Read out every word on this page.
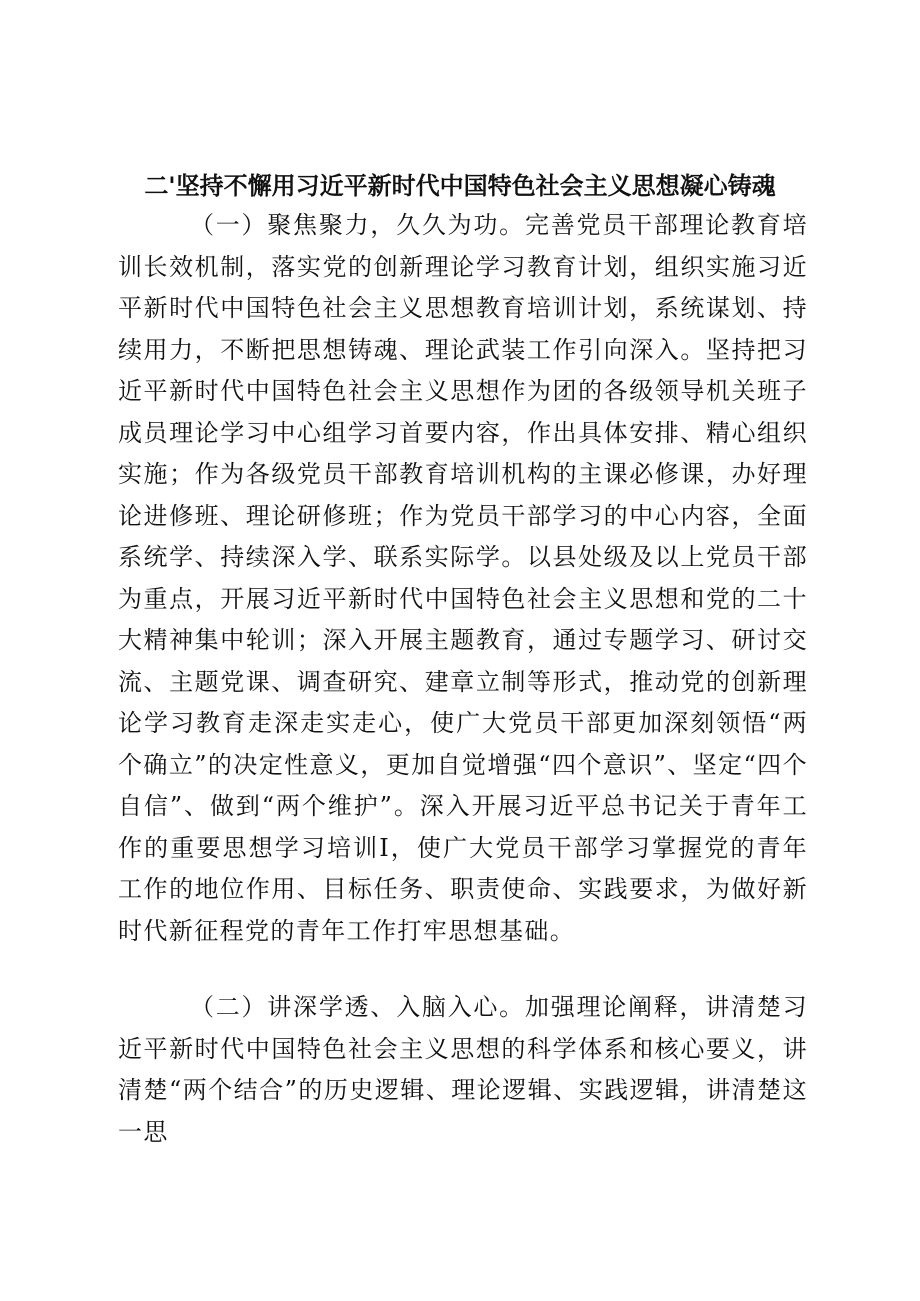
二'坚持不懈用习近平新时代中国特色社会主义思想凝心铸魂

（一）聚焦聚力，久久为功。完善党员干部理论教育培训长效机制，落实党的创新理论学习教育计划，组织实施习近平新时代中国特色社会主义思想教育培训计划，系统谋划、持续用力，不断把思想铸魂、理论武装工作引向深入。坚持把习近平新时代中国特色社会主义思想作为团的各级领导机关班子成员理论学习中心组学习首要内容，作出具体安排、精心组织实施；作为各级党员干部教育培训机构的主课必修课，办好理论进修班、理论研修班；作为党员干部学习的中心内容，全面系统学、持续深入学、联系实际学。以县处级及以上党员干部为重点，开展习近平新时代中国特色社会主义思想和党的二十大精神集中轮训；深入开展主题教育，通过专题学习、研讨交流、主题党课、调查研究、建章立制等形式，推动党的创新理论学习教育走深走实走心，使广大党员干部更加深刻领悟“两个确立”的决定性意义，更加自觉增强“四个意识”、坚定“四个自信”、做到“两个维护”。深入开展习近平总书记关于青年工作的重要思想学习培训I，使广大党员干部学习掌握党的青年工作的地位作用、目标任务、职责使命、实践要求，为做好新时代新征程党的青年工作打牢思想基础。

（二）讲深学透、入脑入心。加强理论阐释，讲清楚习近平新时代中国特色社会主义思想的科学体系和核心要义，讲清楚“两个结合”的历史逻辑、理论逻辑、实践逻辑，讲清楚这一思
